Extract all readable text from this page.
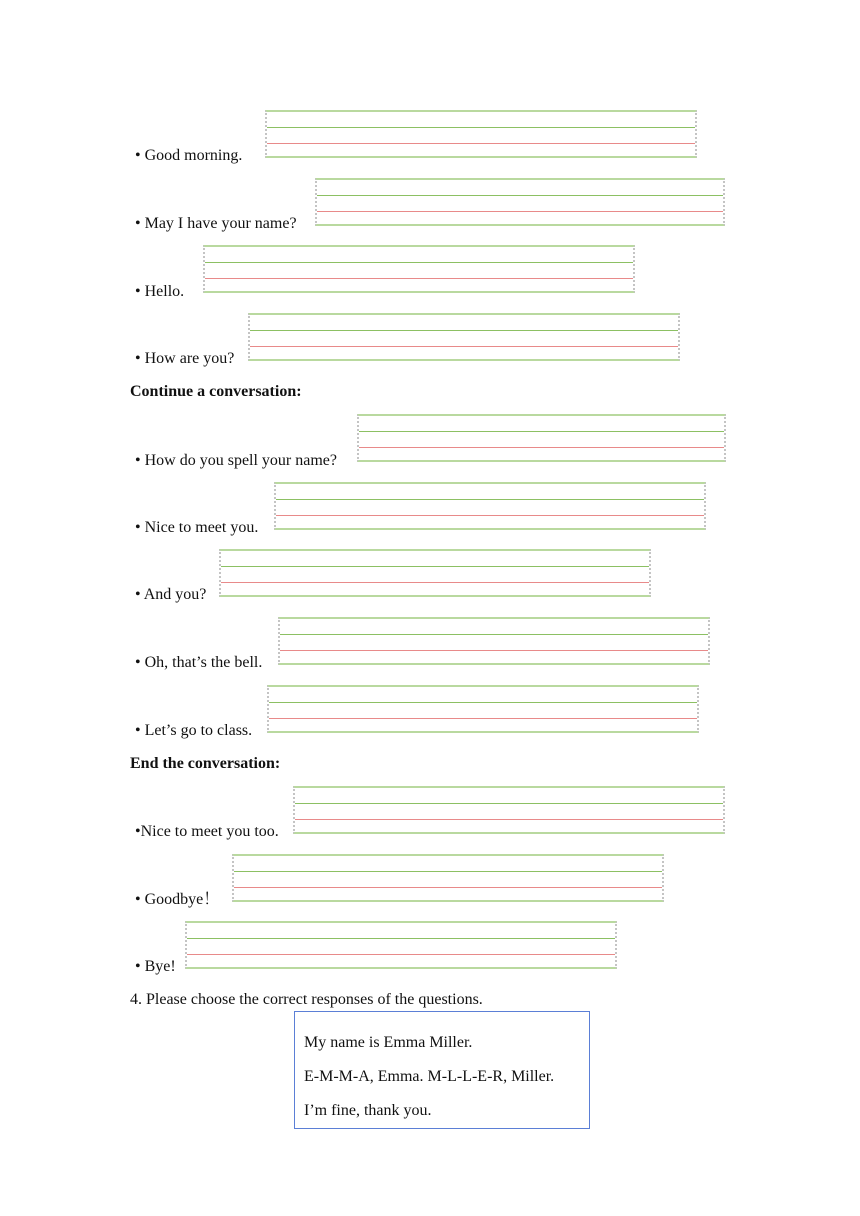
• Good morning.
• May I have your name?
• Hello.
• How are you?
Continue a conversation:
• How do you spell your name?
• Nice to meet you.
• And you?
• Oh, that’s the bell.
• Let’s go to class.
End the conversation:
•Nice to meet you too.
• Goodbye！
• Bye!
4. Please choose the correct responses of the questions.
My name is Emma Miller.
E-M-M-A, Emma. M-L-L-E-R, Miller.
I’m fine, thank you.
